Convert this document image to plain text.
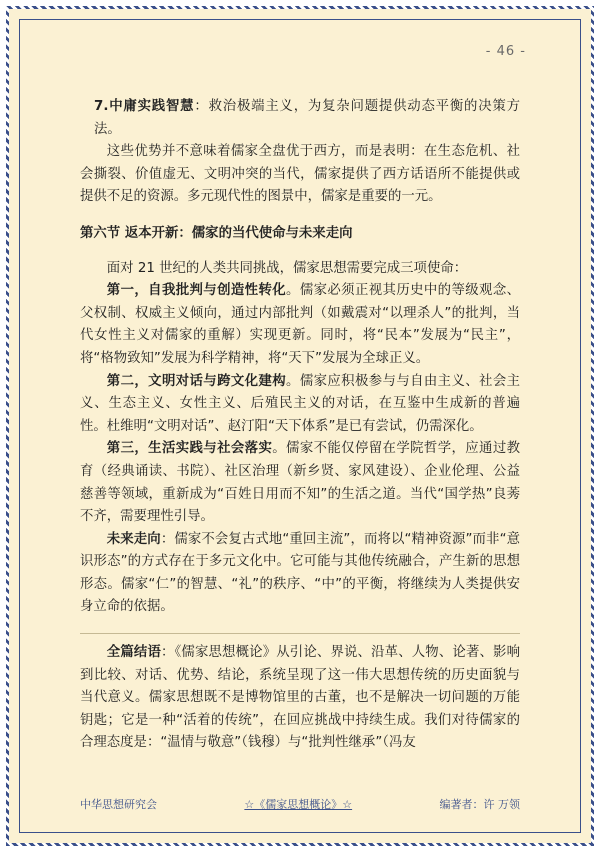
- 46 -

7.中庸实践智慧：救治极端主义，为复杂问题提供动态平衡的决策方法。

这些优势并不意味着儒家全盘优于西方，而是表明：在生态危机、社会撕裂、价值虚无、文明冲突的当代，儒家提供了西方话语所不能提供或提供不足的资源。多元现代性的图景中，儒家是重要的一元。

第六节 返本开新：儒家的当代使命与未来走向

面对 21 世纪的人类共同挑战，儒家思想需要完成三项使命：

第一，自我批判与创造性转化。儒家必须正视其历史中的等级观念、父权制、权威主义倾向，通过内部批判（如戴震对“以理杀人”的批判，当代女性主义对儒家的重解）实现更新。同时，将“民本”发展为“民主”，将“格物致知”发展为科学精神，将“天下”发展为全球正义。

第二，文明对话与跨文化建构。儒家应积极参与与自由主义、社会主义、生态主义、女性主义、后殖民主义的对话，在互鉴中生成新的普遍性。杜维明“文明对话”、赵汀阳“天下体系”是已有尝试，仍需深化。

第三，生活实践与社会落实。儒家不能仅停留在学院哲学，应通过教育（经典诵读、书院）、社区治理（新乡贤、家风建设）、企业伦理、公益慈善等领域，重新成为“百姓日用而不知”的生活之道。当代“国学热”良莠不齐，需要理性引导。

未来走向：儒家不会复古式地“重回主流”，而将以“精神资源”而非“意识形态”的方式存在于多元文化中。它可能与其他传统融合，产生新的思想形态。儒家“仁”的智慧、“礼”的秩序、“中”的平衡，将继续为人类提供安身立命的依据。

全篇结语：《儒家思想概论》从引论、界说、沿革、人物、论著、影响到比较、对话、优势、结论，系统呈现了这一伟大思想传统的历史面貌与当代意义。儒家思想既不是博物馆里的古董，也不是解决一切问题的万能钥匙；它是一种“活着的传统”，在回应挑战中持续生成。我们对待儒家的合理态度是：“温情与敬意”（钱穆）与“批判性继承”（冯友

中华思想研究会	☆《儒家思想概论》☆	编著者：许 万领
